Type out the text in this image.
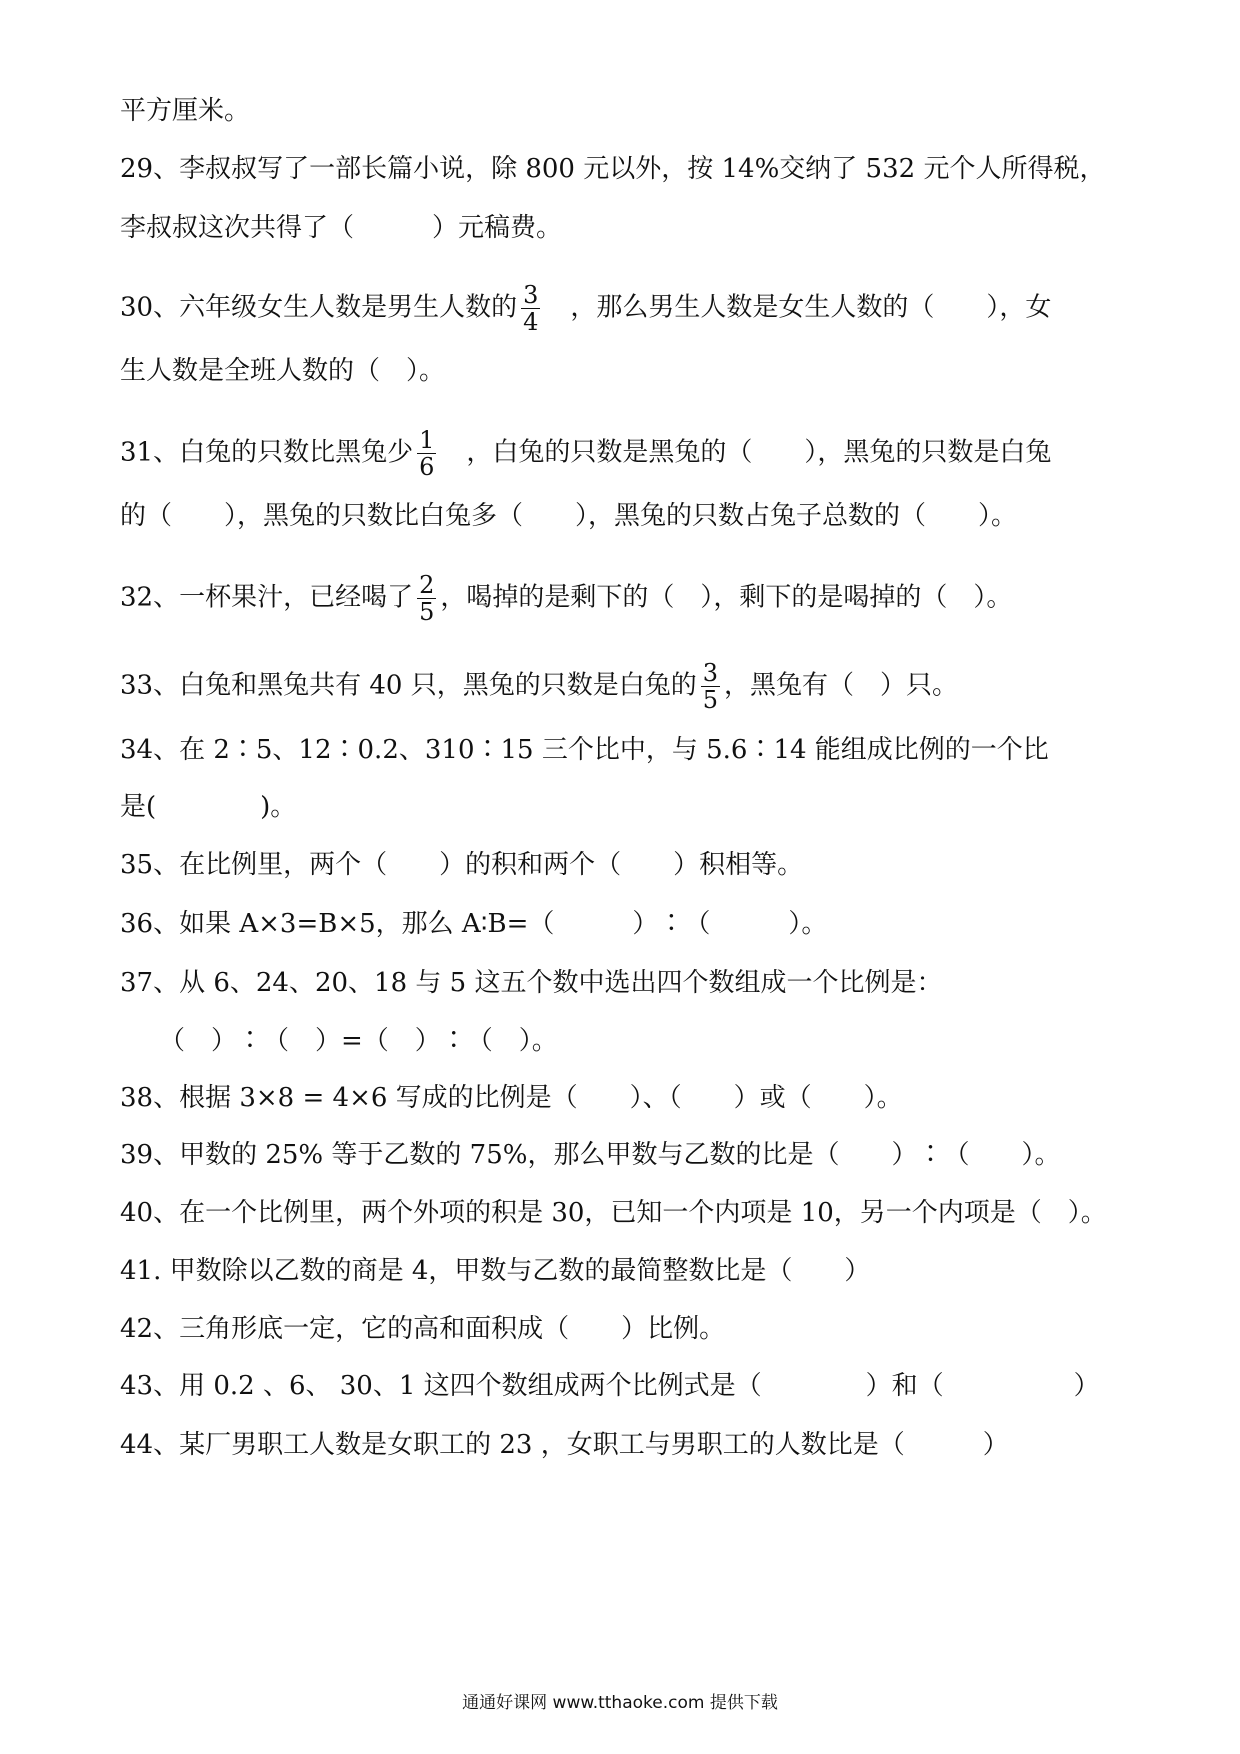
平方厘米。
29、李叔叔写了一部长篇小说，除 800 元以外，按 14%交纳了 532 元个人所得税，
李叔叔这次共得了（　　　）元稿费。
30、六年级女生人数是男生人数的 $\frac{3}{4}$ 　，那么男生人数是女生人数的（　　），女
生人数是全班人数的（　）。
31、白兔的只数比黑兔少 $\frac{1}{6}$ 　，白兔的只数是黑兔的（　　），黑兔的只数是白兔
的（　　），黑兔的只数比白兔多（　　），黑兔的只数占兔子总数的（　　）。
32、一杯果汁，已经喝了 $\frac{2}{5}$ ，喝掉的是剩下的（　），剩下的是喝掉的（　）。
33、白兔和黑兔共有 40 只，黑兔的只数是白兔的 $\frac{3}{5}$ ，黑兔有（　）只。
34、在 2∶5、12∶0.2、310∶15 三个比中，与 5.6∶14 能组成比例的一个比
是(　　　　)。
35、在比例里，两个（　　）的积和两个（　　）积相等。
36、如果 A×3=B×5，那么 A∶B=（　　　）∶（　　　）。
37、从 6、24、20、18 与 5 这五个数中选出四个数组成一个比例是：
　　（　）∶（　）=（　）∶（　）。
38、根据 3×8 = 4×6 写成的比例是（　　）、（　　）或（　　）。
39、甲数的 25% 等于乙数的 75%，那么甲数与乙数的比是（　　）∶（　　）。
40、在一个比例里，两个外项的积是 30，已知一个内项是 10，另一个内项是（　）。
41. 甲数除以乙数的商是 4，甲数与乙数的最简整数比是（　　）
42、三角形底一定，它的高和面积成（　　）比例。
43、用 0.2 、6、 30、1 这四个数组成两个比例式是（　　　　）和（　　　　　）
44、某厂男职工人数是女职工的 23 ，女职工与男职工的人数比是（　　　）
通通好课网 www.tthaoke.com 提供下载
